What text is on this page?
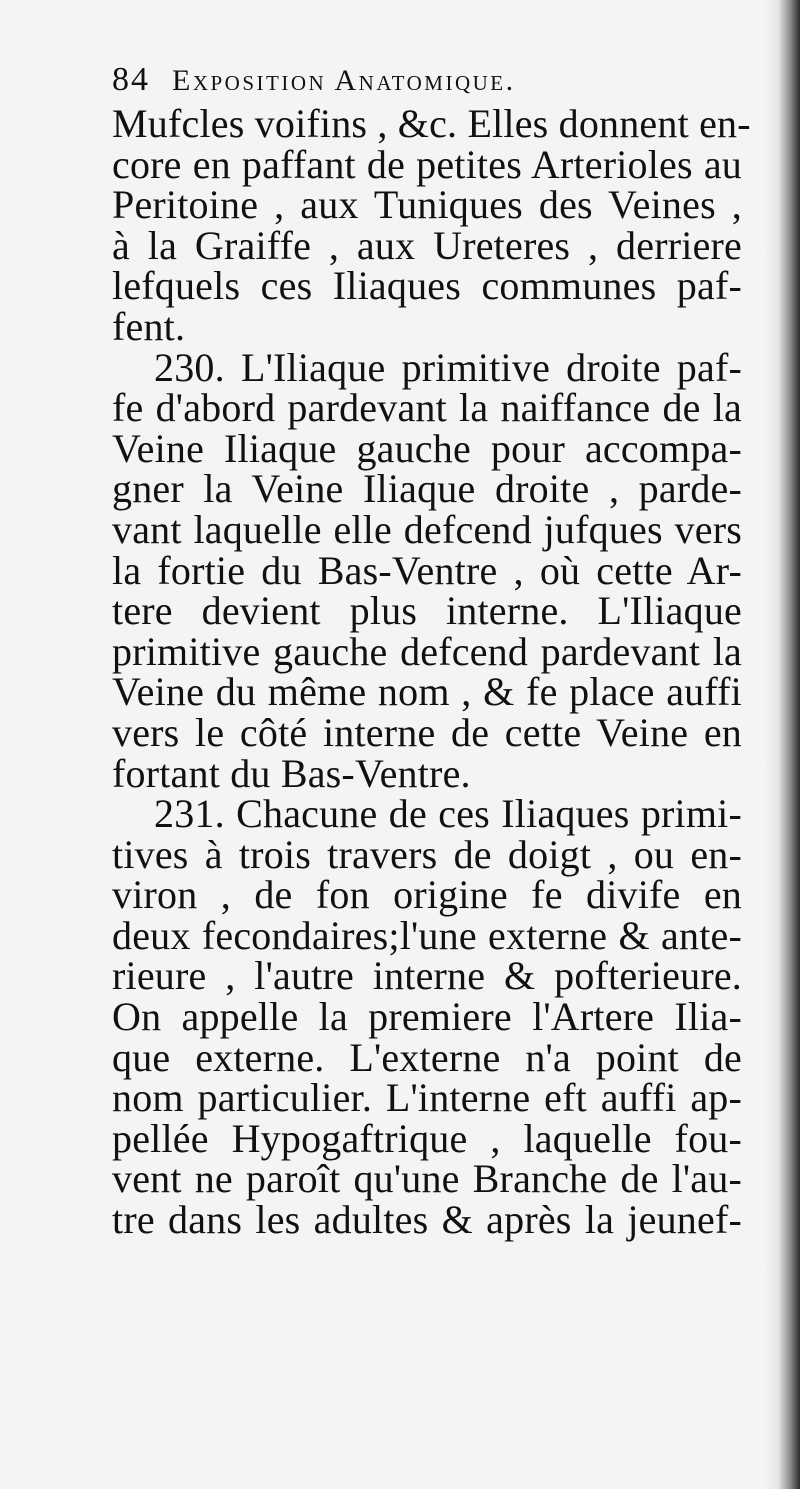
84 Exposition Anatomique.
Mufcles voifins , &c. Elles donnent en-
core en paffant de petites Arterioles au
Peritoine , aux Tuniques des Veines ,
à la Graiffe , aux Ureteres , derriere
lefquels ces Iliaques communes paf-
fent.
230. L'Iliaque primitive droite paf-
fe d'abord pardevant la naiffance de la
Veine Iliaque gauche pour accompa-
gner la Veine Iliaque droite , parde-
vant laquelle elle defcend jufques vers
la fortie du Bas-Ventre , où cette Ar-
tere devient plus interne. L'Iliaque
primitive gauche defcend pardevant la
Veine du même nom , & fe place auffi
vers le côté interne de cette Veine en
fortant du Bas-Ventre.
231. Chacune de ces Iliaques primi-
tives à trois travers de doigt , ou en-
viron , de fon origine fe divife en
deux fecondaires;l'une externe & ante-
rieure , l'autre interne & pofterieure.
On appelle la premiere l'Artere Ilia-
que externe. L'externe n'a point de
nom particulier. L'interne eft auffi ap-
pellée Hypogaftrique , laquelle fou-
vent ne paroît qu'une Branche de l'au-
tre dans les adultes & après la jeunef-
